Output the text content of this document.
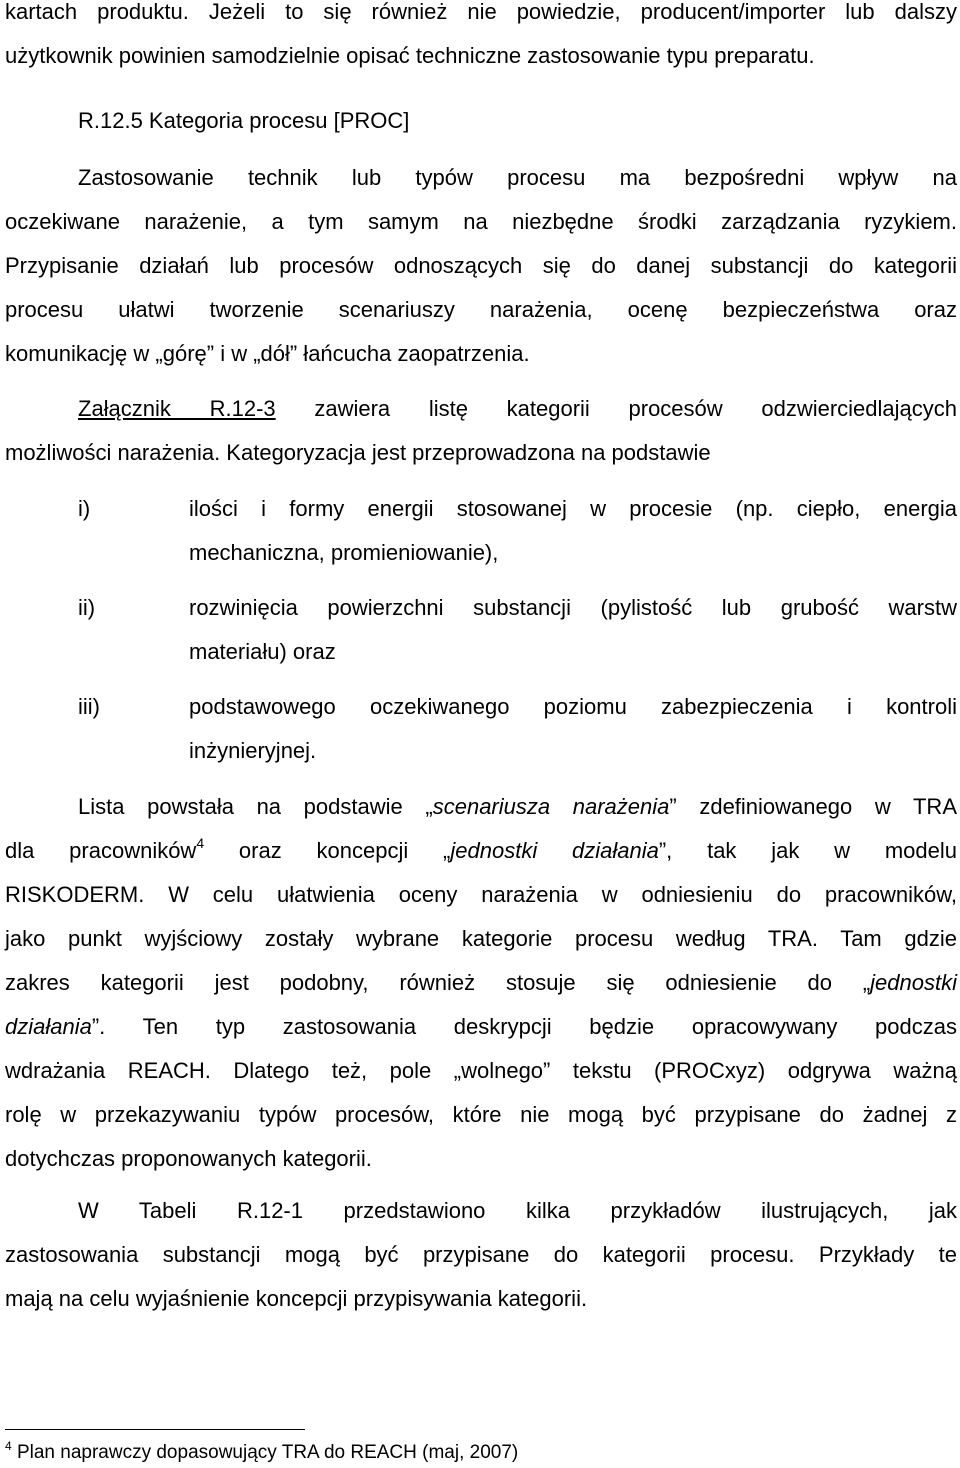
kartach produktu. Jeżeli to się również nie powiedzie, producent/importer lub dalszy
użytkownik powinien samodzielnie opisać techniczne zastosowanie typu preparatu.

R.12.5 Kategoria procesu [PROC]

Zastosowanie technik lub typów procesu ma bezpośredni wpływ na
oczekiwane narażenie, a tym samym na niezbędne środki zarządzania ryzykiem.
Przypisanie działań lub procesów odnoszących się do danej substancji do kategorii
procesu ułatwi tworzenie scenariuszy narażenia, ocenę bezpieczeństwa oraz
komunikację w „górę” i w „dół” łańcucha zaopatrzenia.

Załącznik R.12-3 zawiera listę kategorii procesów odzwierciedlających
możliwości narażenia. Kategoryzacja jest przeprowadzona na podstawie

i)	ilości i formy energii stosowanej w procesie (np. ciepło, energia
mechaniczna, promieniowanie),

ii)	rozwinięcia powierzchni substancji (pylistość lub grubość warstw
materiału) oraz

iii)	podstawowego oczekiwanego poziomu zabezpieczenia i kontroli
inżynieryjnej.

Lista powstała na podstawie „scenariusza narażenia” zdefiniowanego w TRA
dla pracowników$^4$ oraz koncepcji „jednostki działania”, tak jak w modelu
RISKODERM. W celu ułatwienia oceny narażenia w odniesieniu do pracowników,
jako punkt wyjściowy zostały wybrane kategorie procesu według TRA. Tam gdzie
zakres kategorii jest podobny, również stosuje się odniesienie do „jednostki
działania”. Ten typ zastosowania deskrypcji będzie opracowywany podczas
wdrażania REACH. Dlatego też, pole „wolnego” tekstu (PROCxyz) odgrywa ważną
rolę w przekazywaniu typów procesów, które nie mogą być przypisane do żadnej z
dotychczas proponowanych kategorii.

W Tabeli R.12-1 przedstawiono kilka przykładów ilustrujących, jak
zastosowania substancji mogą być przypisane do kategorii procesu. Przykłady te
mają na celu wyjaśnienie koncepcji przypisywania kategorii.

$^4$ Plan naprawczy dopasowujący TRA do REACH (maj, 2007)
